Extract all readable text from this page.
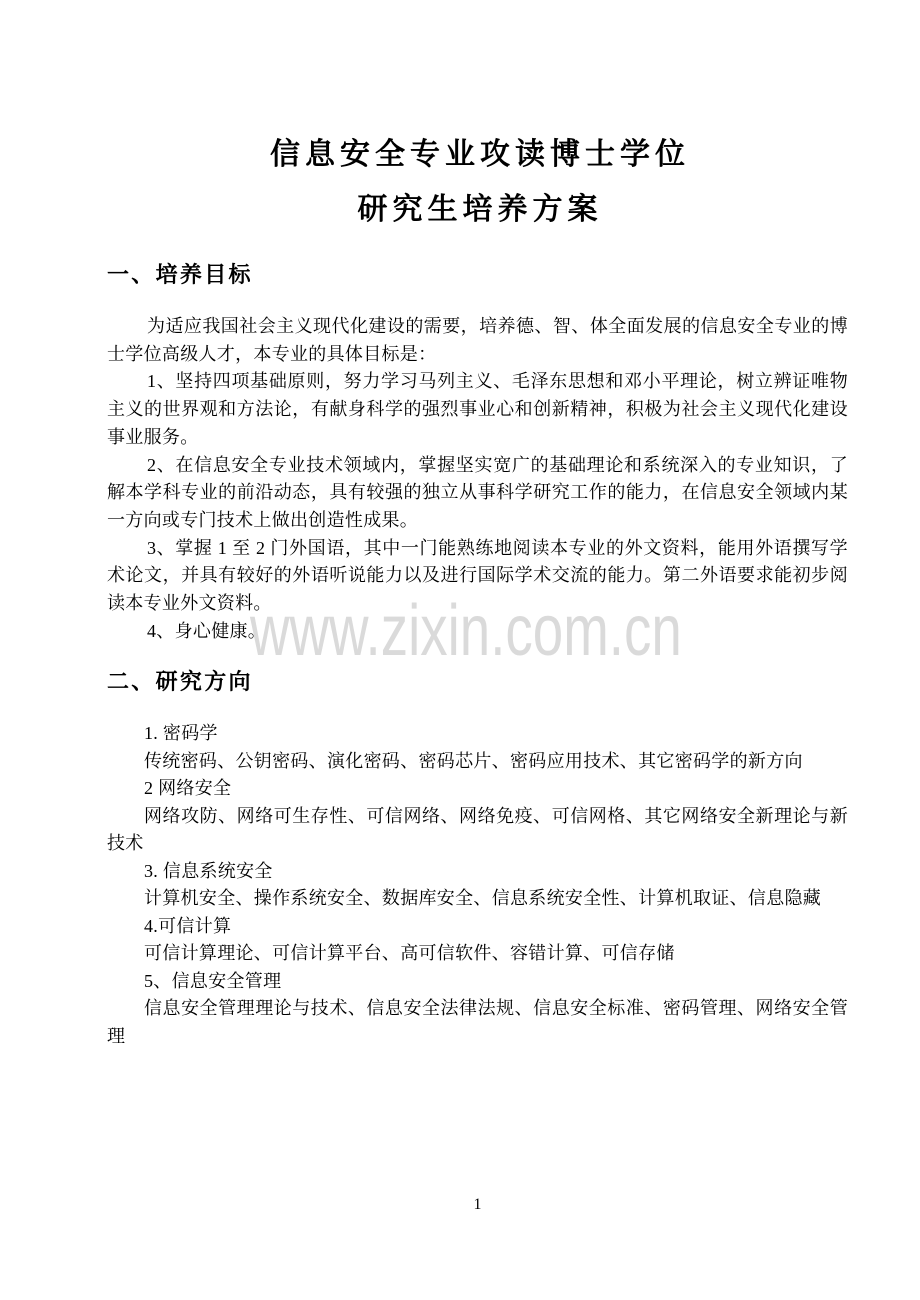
www.zixin.com.cn
信息安全专业攻读博士学位
研究生培养方案
一、培养目标
为适应我国社会主义现代化建设的需要，培养德、智、体全面发展的信息安全专业的博
士学位高级人才，本专业的具体目标是：
1、坚持四项基础原则，努力学习马列主义、毛泽东思想和邓小平理论，树立辨证唯物
主义的世界观和方法论，有献身科学的强烈事业心和创新精神，积极为社会主义现代化建设
事业服务。
2、在信息安全专业技术领域内，掌握坚实宽广的基础理论和系统深入的专业知识，了
解本学科专业的前沿动态，具有较强的独立从事科学研究工作的能力，在信息安全领域内某
一方向或专门技术上做出创造性成果。
3、掌握 1 至 2 门外国语，其中一门能熟练地阅读本专业的外文资料，能用外语撰写学
术论文，并具有较好的外语听说能力以及进行国际学术交流的能力。第二外语要求能初步阅
读本专业外文资料。
4、身心健康。
二、研究方向
1. 密码学
传统密码、公钥密码、演化密码、密码芯片、密码应用技术、其它密码学的新方向
2 网络安全
网络攻防、网络可生存性、可信网络、网络免疫、可信网格、其它网络安全新理论与新
技术
3. 信息系统安全
计算机安全、操作系统安全、数据库安全、信息系统安全性、计算机取证、信息隐藏
4.可信计算
可信计算理论、可信计算平台、高可信软件、容错计算、可信存储
5、信息安全管理
信息安全管理理论与技术、信息安全法律法规、信息安全标准、密码管理、网络安全管
理
1
